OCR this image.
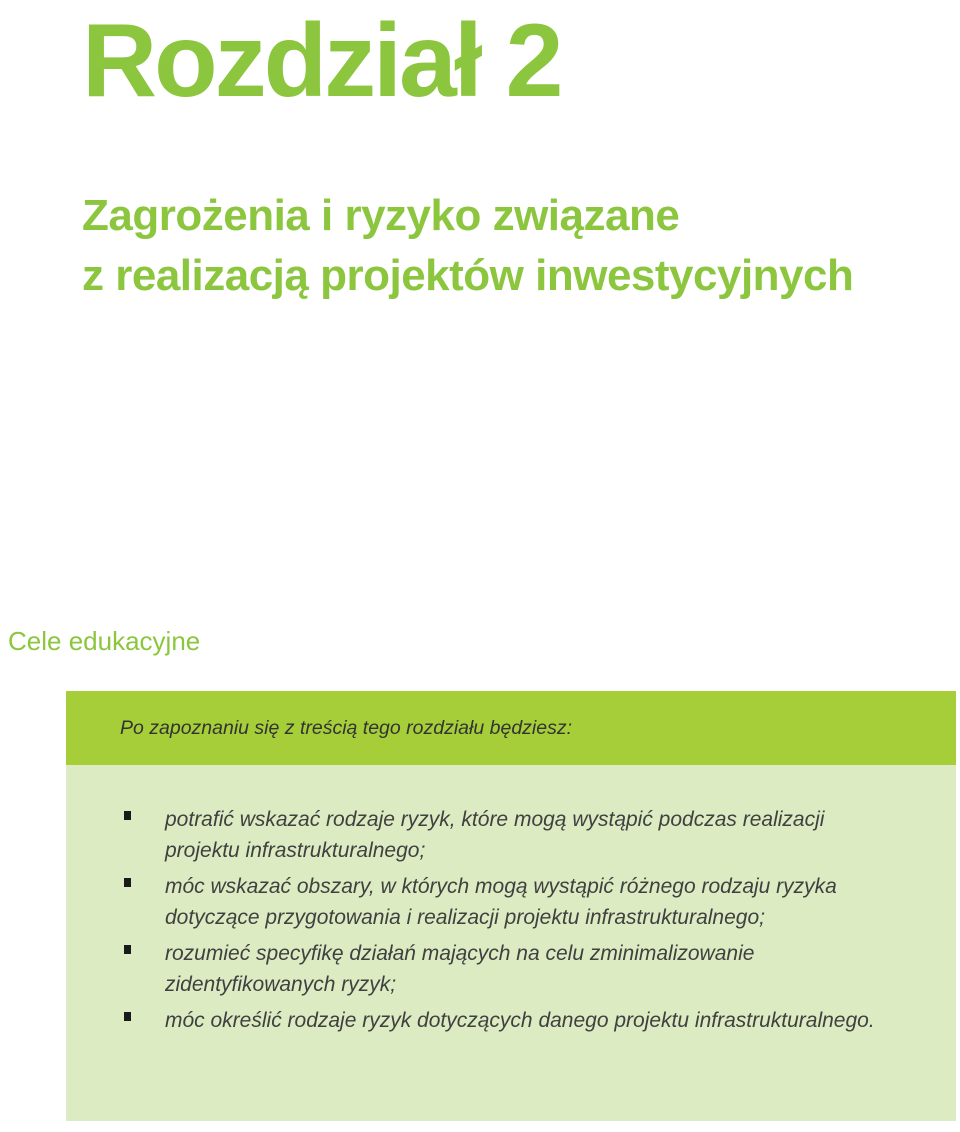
Rozdział 2
Zagrożenia i ryzyko związane
z realizacją projektów inwestycyjnych
Cele edukacyjne
Po zapoznaniu się z treścią tego rozdziału będziesz:
potrafić wskazać rodzaje ryzyk, które mogą wystąpić podczas realizacji projektu infrastrukturalnego;
móc wskazać obszary, w których mogą wystąpić różnego rodzaju ryzyka dotyczące przygotowania i realizacji projektu infrastrukturalnego;
rozumieć specyfikę działań mających na celu zminimalizowanie zidentyfikowanych ryzyk;
móc określić rodzaje ryzyk dotyczących danego projektu infrastrukturalnego.
